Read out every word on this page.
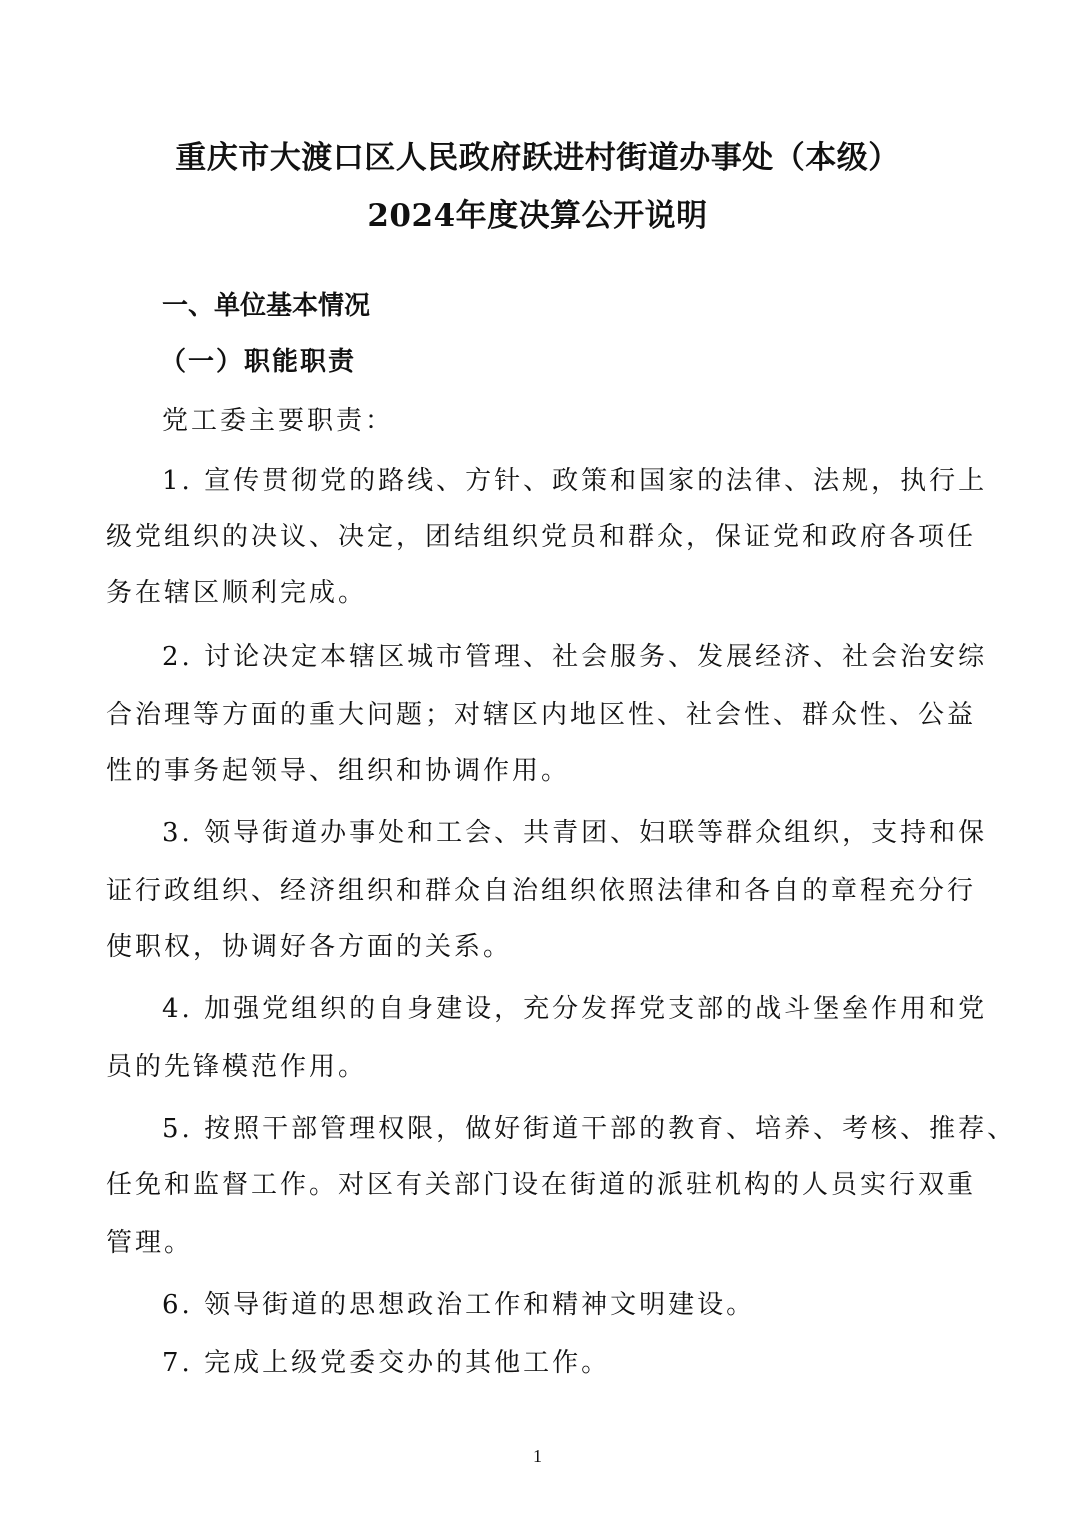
重庆市大渡口区人民政府跃进村街道办事处（本级）
2024年度决算公开说明
一、单位基本情况
（一）职能职责
党工委主要职责：
1. 宣传贯彻党的路线、方针、政策和国家的法律、法规，执行上
级党组织的决议、决定，团结组织党员和群众，保证党和政府各项任
务在辖区顺利完成。
2. 讨论决定本辖区城市管理、社会服务、发展经济、社会治安综
合治理等方面的重大问题；对辖区内地区性、社会性、群众性、公益
性的事务起领导、组织和协调作用。
3. 领导街道办事处和工会、共青团、妇联等群众组织，支持和保
证行政组织、经济组织和群众自治组织依照法律和各自的章程充分行
使职权，协调好各方面的关系。
4. 加强党组织的自身建设，充分发挥党支部的战斗堡垒作用和党
员的先锋模范作用。
5. 按照干部管理权限，做好街道干部的教育、培养、考核、推荐、
任免和监督工作。对区有关部门设在街道的派驻机构的人员实行双重
管理。
6. 领导街道的思想政治工作和精神文明建设。
7. 完成上级党委交办的其他工作。
1
